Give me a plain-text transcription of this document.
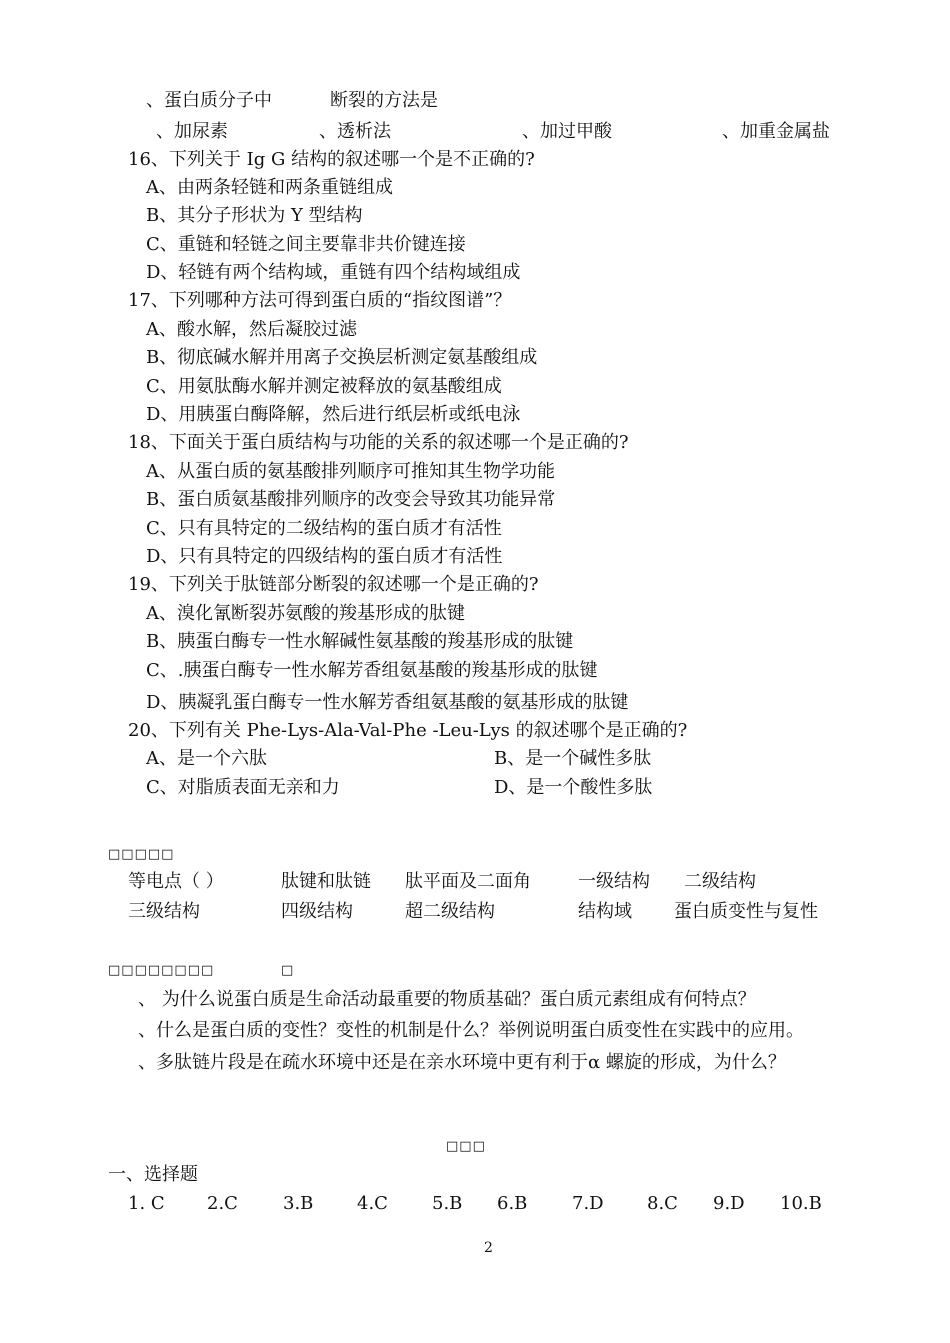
、蛋白质分子中	断裂的方法是
、加尿素	、透析法	、加过甲酸	、加重金属盐
16、下列关于 Ig G 结构的叙述哪一个是不正确的?
A、由两条轻链和两条重链组成
B、其分子形状为 Y 型结构
C、重链和轻链之间主要靠非共价键连接
D、轻链有两个结构域，重链有四个结构域组成
17、下列哪种方法可得到蛋白质的“指纹图谱”？
A、酸水解，然后凝胶过滤
B、彻底碱水解并用离子交换层析测定氨基酸组成
C、用氨肽酶水解并测定被释放的氨基酸组成
D、用胰蛋白酶降解，然后进行纸层析或纸电泳
18、下面关于蛋白质结构与功能的关系的叙述哪一个是正确的?
A、从蛋白质的氨基酸排列顺序可推知其生物学功能
B、蛋白质氨基酸排列顺序的改变会导致其功能异常
C、只有具特定的二级结构的蛋白质才有活性
D、只有具特定的四级结构的蛋白质才有活性
19、下列关于肽链部分断裂的叙述哪一个是正确的?
A、溴化氰断裂苏氨酸的羧基形成的肽键
B、胰蛋白酶专一性水解碱性氨基酸的羧基形成的肽键
C、.胰蛋白酶专一性水解芳香组氨基酸的羧基形成的肽键
D、胰凝乳蛋白酶专一性水解芳香组氨基酸的氨基形成的肽键
20、下列有关 Phe-Lys-Ala-Val-Phe -Leu-Lys 的叙述哪个是正确的?
A、是一个六肽	B、是一个碱性多肽
C、对脂质表面无亲和力	D、是一个酸性多肽
□□□□□
等电点（ ）	肽键和肽链 肽平面及二面角	一级结构 二级结构
三级结构	四级结构	超二级结构	结构域 蛋白质变性与复性
□□□□□□□□	□
、 为什么说蛋白质是生命活动最重要的物质基础？蛋白质元素组成有何特点？
、什么是蛋白质的变性？变性的机制是什么？举例说明蛋白质变性在实践中的应用。
、多肽链片段是在疏水环境中还是在亲水环境中更有利于α 螺旋的形成，为什么？
□□□
一、选择题
1. C 2.C	3.B 4.C 5.B 6.B 7.D 8.C 9.D 10.B
2
